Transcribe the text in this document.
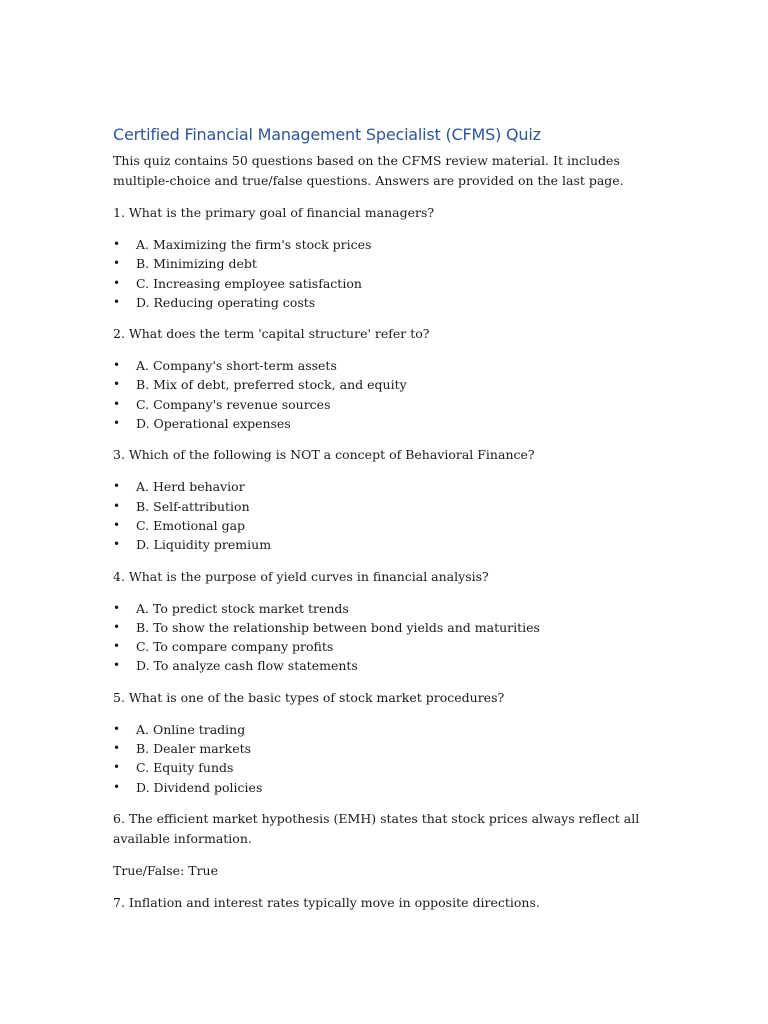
Certified Financial Management Specialist (CFMS) Quiz

This quiz contains 50 questions based on the CFMS review material. It includes multiple-choice and true/false questions. Answers are provided on the last page.

1. What is the primary goal of financial managers?

• A. Maximizing the firm's stock prices
• B. Minimizing debt
• C. Increasing employee satisfaction
• D. Reducing operating costs

2. What does the term 'capital structure' refer to?

• A. Company's short-term assets
• B. Mix of debt, preferred stock, and equity
• C. Company's revenue sources
• D. Operational expenses

3. Which of the following is NOT a concept of Behavioral Finance?

• A. Herd behavior
• B. Self-attribution
• C. Emotional gap
• D. Liquidity premium

4. What is the purpose of yield curves in financial analysis?

• A. To predict stock market trends
• B. To show the relationship between bond yields and maturities
• C. To compare company profits
• D. To analyze cash flow statements

5. What is one of the basic types of stock market procedures?

• A. Online trading
• B. Dealer markets
• C. Equity funds
• D. Dividend policies

6. The efficient market hypothesis (EMH) states that stock prices always reflect all available information.

True/False: True

7. Inflation and interest rates typically move in opposite directions.
